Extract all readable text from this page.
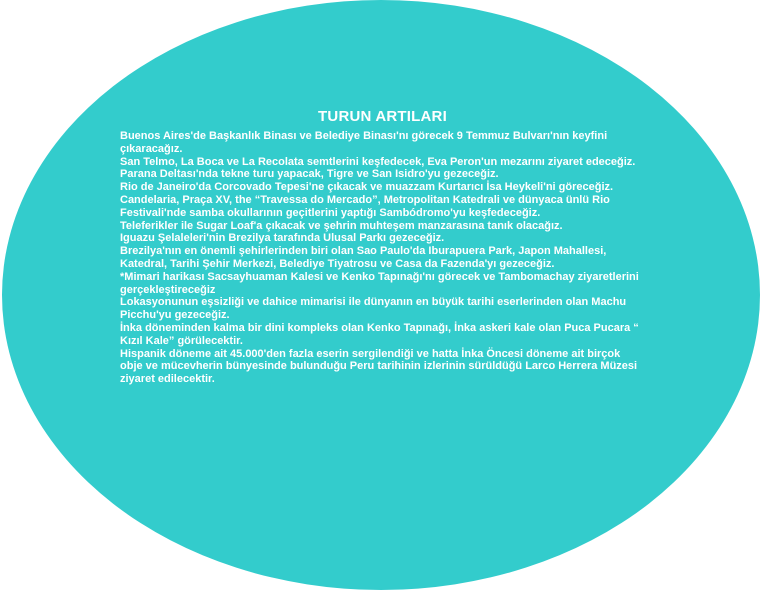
TURUN ARTILARI
Buenos Aires'de Başkanlık Binası ve Belediye Binası'nı görecek 9 Temmuz Bulvarı'nın keyfini çıkaracağız.
San Telmo, La Boca ve La Recolata semtlerini keşfedecek, Eva Peron'un mezarını ziyaret edeceğiz.
Parana Deltası'nda tekne turu yapacak, Tigre ve San Isidro'yu gezeceğiz.
Rio de Janeiro'da Corcovado Tepesi'ne çıkacak ve muazzam Kurtarıcı İsa Heykeli'ni göreceğiz.
Candelaria, Praça XV, the “Travessa do Mercado”, Metropolitan Katedrali ve dünyaca ünlü Rio Festivali'nde samba okullarının geçitlerini yaptığı Sambódromo'yu keşfedeceğiz.
Teleferikler ile Sugar Loaf'a çıkacak ve şehrin muhteşem manzarasına tanık olacağız.
Iguazu Şelaleleri'nin Brezilya tarafında Ulusal Parkı gezeceğiz.
Brezilya'nın en önemli şehirlerinden biri olan Sao Paulo'da Iburapuera Park, Japon Mahallesi, Katedral, Tarihi Şehir Merkezi, Belediye Tiyatrosu ve Casa da Fazenda'yı gezeceğiz.
*Mimari harikası Sacsayhuaman Kalesi ve Kenko Tapınağı'nı görecek ve Tambomachay ziyaretlerini gerçekleştireceğiz
Lokasyonunun eşsizliği ve dahice mimarisi ile dünyanın en büyük tarihi eserlerinden olan Machu Picchu'yu gezeceğiz.
İnka döneminden kalma bir dini kompleks olan Kenko Tapınağı, İnka askeri kale olan Puca Pucara “ Kızıl Kale” görülecektir.
Hispanik döneme ait 45.000'den fazla eserin sergilendiği ve hatta İnka Öncesi döneme ait birçok obje ve mücevherin bünyesinde bulunduğu Peru tarihinin izlerinin sürüldüğü Larco Herrera Müzesi ziyaret edilecektir.
